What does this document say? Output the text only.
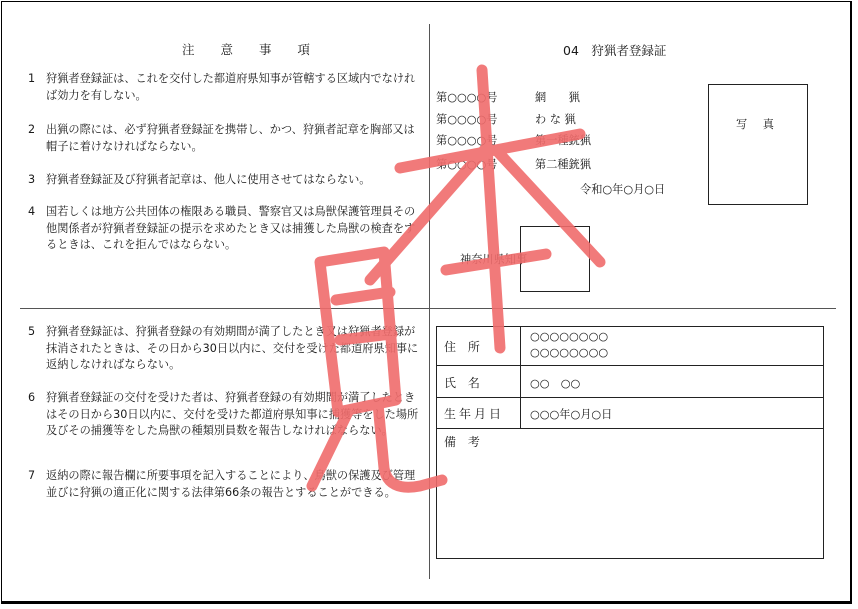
注 意 事 項
1 狩猟者登録証は、これを交付した都道府県知事が管轄する区域内でなければ効力を有しない。
2 出猟の際には、必ず狩猟者登録証を携帯し、かつ、狩猟者記章を胸部又は帽子に着けなければならない。
3 狩猟者登録証及び狩猟者記章は、他人に使用させてはならない。
4 国若しくは地方公共団体の権限ある職員、警察官又は鳥獣保護管理員その他関係者が狩猟者登録証の提示を求めたとき又は捕獲した鳥獣の検査をするときは、これを拒んではならない。
5 狩猟者登録証は、狩猟者登録の有効期間が満了したとき又は狩猟者登録が抹消されたときは、その日から30日以内に、交付を受けた都道府県知事に返納しなければならない。
6 狩猟者登録証の交付を受けた者は、狩猟者登録の有効期間が満了したときはその日から30日以内に、交付を受けた都道府県知事に捕獲等をした場所及びその捕獲等をした鳥獣の種類別員数を報告しなければならない。
7 返納の際に報告欄に所要事項を記入することにより、鳥獣の保護及び管理並びに狩猟の適正化に関する法律第66条の報告とすることができる。
04　狩猟者登録証
第○○○○号	網　　猟
第○○○○号	わ な 猟
第○○○○号	第一種銃猟
第○○○○号	第二種銃猟
令和○年○月○日
写 真
神奈川県知事
住 所
○○○○○○○○
○○○○○○○○
氏 名	○○　○○
生年月日 ○○○年○月○日
備 考
